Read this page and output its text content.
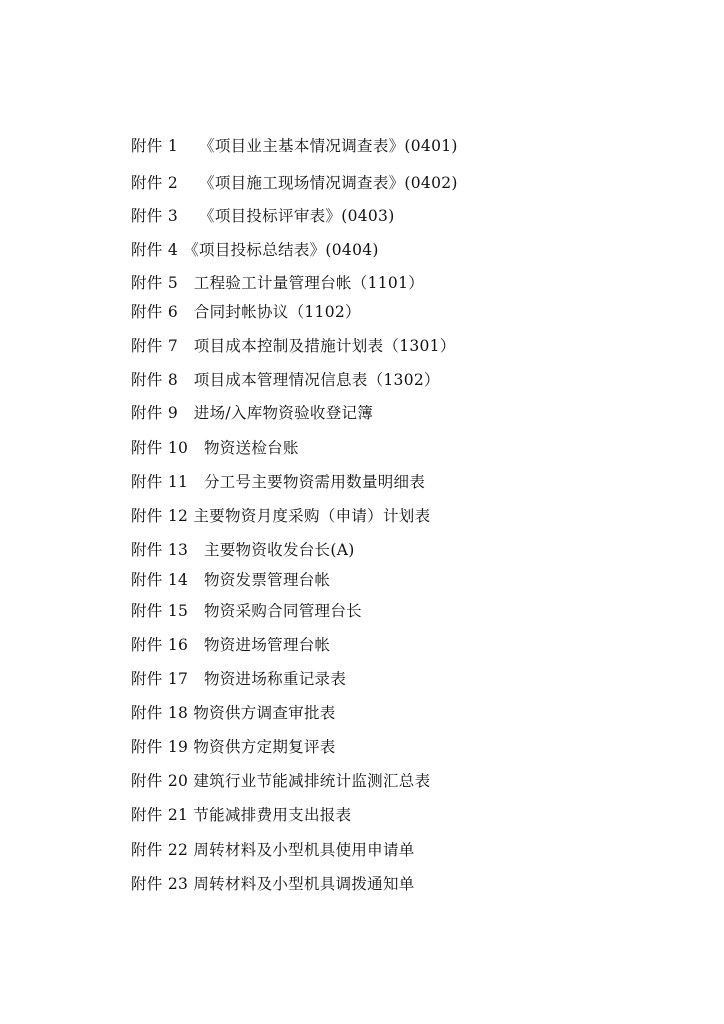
附件 1　 《项目业主基本情况调查表》(0401)
附件 2　 《项目施工现场情况调查表》(0402)
附件 3　 《项目投标评审表》(0403)
附件 4 《项目投标总结表》(0404)
附件 5　工程验工计量管理台帐（1101）
附件 6　合同封帐协议（1102）
附件 7　项目成本控制及措施计划表（1301）
附件 8　项目成本管理情况信息表（1302）
附件 9　进场/入库物资验收登记簿
附件 10　物资送检台账
附件 11　分工号主要物资需用数量明细表
附件 12 主要物资月度采购（申请）计划表
附件 13　主要物资收发台长(A)
附件 14　物资发票管理台帐
附件 15　物资采购合同管理台长
附件 16　物资进场管理台帐
附件 17　物资进场称重记录表
附件 18 物资供方调查审批表
附件 19 物资供方定期复评表
附件 20 建筑行业节能减排统计监测汇总表
附件 21 节能减排费用支出报表
附件 22 周转材料及小型机具使用申请单
附件 23 周转材料及小型机具调拨通知单
